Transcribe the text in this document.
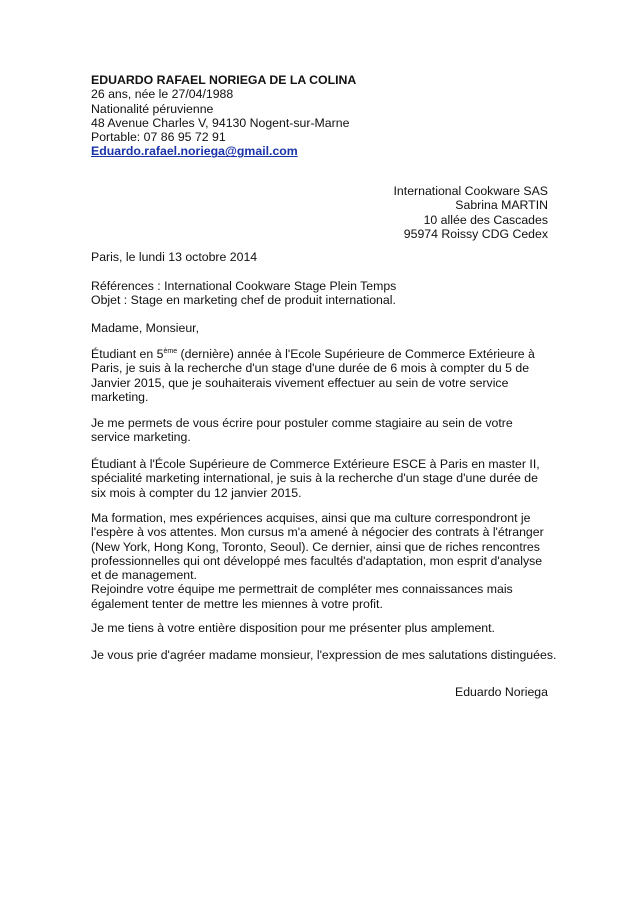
EDUARDO RAFAEL NORIEGA DE LA COLINA
26 ans, née le 27/04/1988
Nationalité péruvienne
48 Avenue Charles V, 94130 Nogent-sur-Marne
Portable: 07 86 95 72 91
Eduardo.rafael.noriega@gmail.com
International Cookware SAS
Sabrina MARTIN
10 allée des Cascades
95974 Roissy CDG Cedex
Paris, le lundi 13 octobre 2014
Références : International Cookware Stage Plein Temps
Objet : Stage en marketing chef de produit international.
Madame, Monsieur,

Étudiant en 5ème (dernière) année à l'Ecole Supérieure de Commerce Extérieure à Paris, je suis à la recherche d'un stage d'une durée de 6 mois à compter du 5 de Janvier 2015, que je souhaiterais vivement effectuer au sein de votre service marketing.

Je me permets de vous écrire pour postuler comme stagiaire au sein de votre service marketing.

Étudiant à l'École Supérieure de Commerce Extérieure ESCE à Paris en master II, spécialité marketing international, je suis à la recherche d'un stage d'une durée de six mois à compter du 12 janvier 2015.

Ma formation, mes expériences acquises, ainsi que ma culture correspondront je l'espère à vos attentes. Mon cursus m'a amené à négocier des contrats à l'étranger (New York, Hong Kong, Toronto, Seoul). Ce dernier, ainsi que de riches rencontres professionnelles qui ont développé mes facultés d'adaptation, mon esprit d'analyse et de management.

Rejoindre votre équipe me permettrait de compléter mes connaissances mais également tenter de mettre les miennes à votre profit.

Je me tiens à votre entière disposition pour me présenter plus amplement.
Je vous prie d'agréer madame monsieur, l'expression de mes salutations distinguées.
Eduardo Noriega
